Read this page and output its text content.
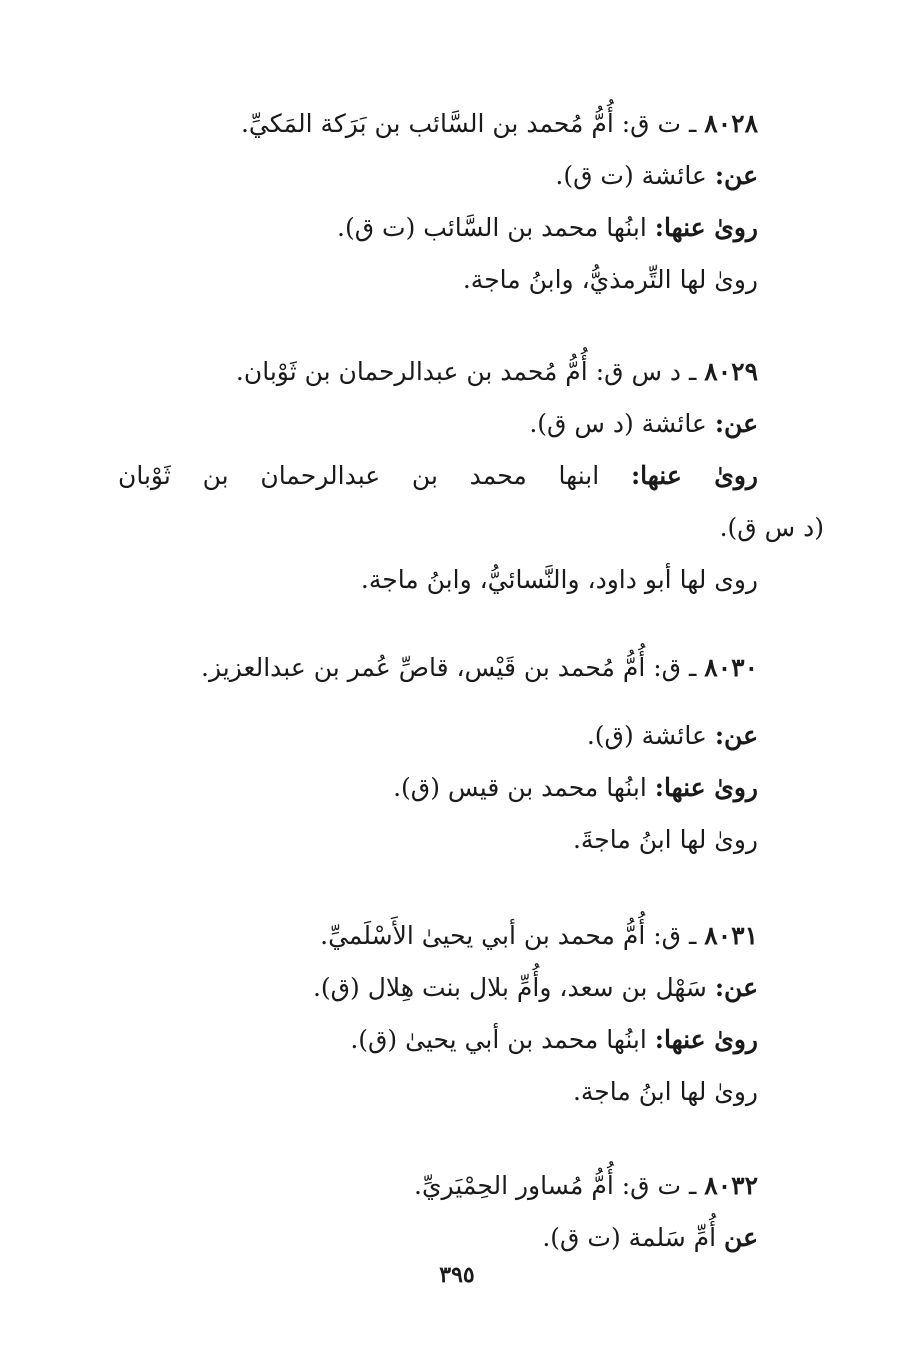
٨٠٢٨ ـ ت ق: أُمُّ مُحمد بن السَّائب بن بَرَكة المَكيِّ.
عن: عائشة (ت ق).
روىٰ عنها: ابنُها محمد بن السَّائب (ت ق).
روىٰ لها التِّرمذيُّ، وابنُ ماجة.
٨٠٢٩ ـ د س ق: أُمُّ مُحمد بن عبدالرحمان بن ثَوْبان.
عن: عائشة (د س ق).
روىٰ عنها: ابنها محمد بن عبدالرحمان بن ثَوْبان
(د س ق).
روى لها أبو داود، والنَّسائيُّ، وابنُ ماجة.
٨٠٣٠ ـ ق: أُمُّ مُحمد بن قَيْس، قاصِّ عُمر بن عبدالعزيز.
عن: عائشة (ق).
روىٰ عنها: ابنُها محمد بن قيس (ق).
روىٰ لها ابنُ ماجةَ.
٨٠٣١ ـ ق: أُمُّ محمد بن أبي يحيىٰ الأَسْلَميِّ.
عن: سَهْل بن سعد، وأُمِّ بلال بنت هِلال (ق).
روىٰ عنها: ابنُها محمد بن أبي يحيىٰ (ق).
روىٰ لها ابنُ ماجة.
٨٠٣٢ ـ ت ق: أُمُّ مُساور الحِمْيَريِّ.
عن أُمِّ سَلمة (ت ق).
٣٩٥
